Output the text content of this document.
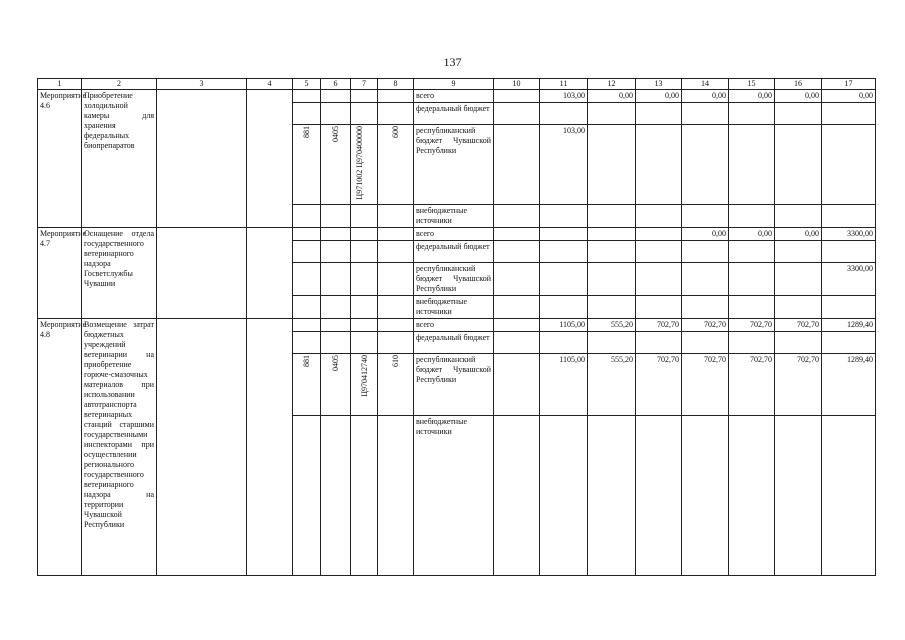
137
1	2	3	4	5	6	7	8	9	10	11	12	13	14	15	16	17
Мероприятие 4.6	Приобретение холодильной камеры для хранения федеральных биопрепаратов							всего		103,00	0,00	0,00	0,00	0,00	0,00	0,00
								федеральный бюджет								
				881	0405	Ц971002 Ц970400000	600	республиканский бюджет Чувашской Республики		103,00						
								внебюджетные источники								
Мероприятие 4.7	Оснащение отдела государственного ветеринарного надзора Госветслужбы Чувашии							всего					0,00	0,00	0,00	3300,00
								федеральный бюджет								
								республиканский бюджет Чувашской Республики								3300,00
								внебюджетные источники								
Мероприятие 4.8	Возмещение затрат бюджетных учреждений ветеринарии на приобретение горюче-смазочных материалов при использовании автотранспорта ветеринарных станций старшими государственными инспекторами при осуществлении регионального государственного ветеринарного надзора на территории Чувашской Республики							всего		1105,00	555,20	702,70	702,70	702,70	702,70	1289,40
								федеральный бюджет								
				881	0405	Ц970412740	610	республиканский бюджет Чувашской Республики		1105,00	555,20	702,70	702,70	702,70	702,70	1289,40
								внебюджетные источники								
